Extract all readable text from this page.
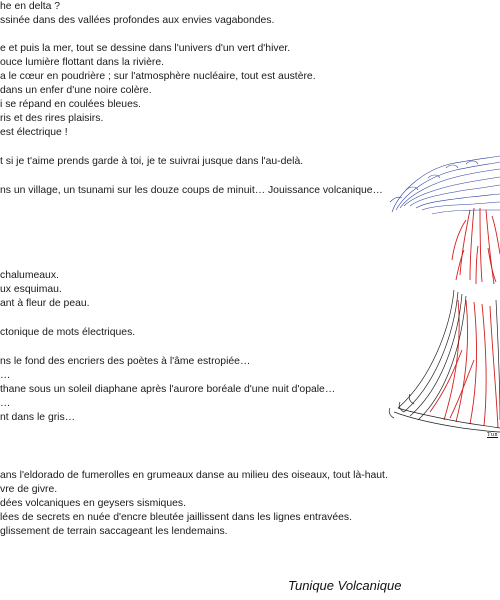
he en delta ?
ssinée dans des vallées profondes aux envies vagabondes.
e et puis la mer, tout se dessine dans l'univers d'un vert d'hiver.
ouce lumière flottant dans la rivière.
a le cœur en poudrière ; sur l'atmosphère nucléaire, tout est austère.
dans un enfer d'une noire colère.
i se répand en coulées bleues.
ris et des rires plaisirs.
est électrique !
t si je t'aime prends garde à toi, je te suivrai jusque dans l'au-delà.
ns un village, un tsunami sur les douze coups de minuit… Jouissance volcanique…
chalumeaux.
ux esquimau.
ant à fleur de peau.
ctonique de mots électriques.
ns le fond des encriers des poètes à l'âme estropiée…
…
thane sous un soleil diaphane après l'aurore boréale d'une nuit d'opale…
…
nt dans le gris…
ans l'eldorado de fumerolles en grumeaux danse au milieu des oiseaux, tout là-haut.
vre de givre.
dées volcaniques en geysers sismiques.
lées de secrets en nuée d'encre bleutée jaillissent dans les lignes entravées.
glissement de terrain saccageant les lendemains.
Tun
Tunique Volcanique
